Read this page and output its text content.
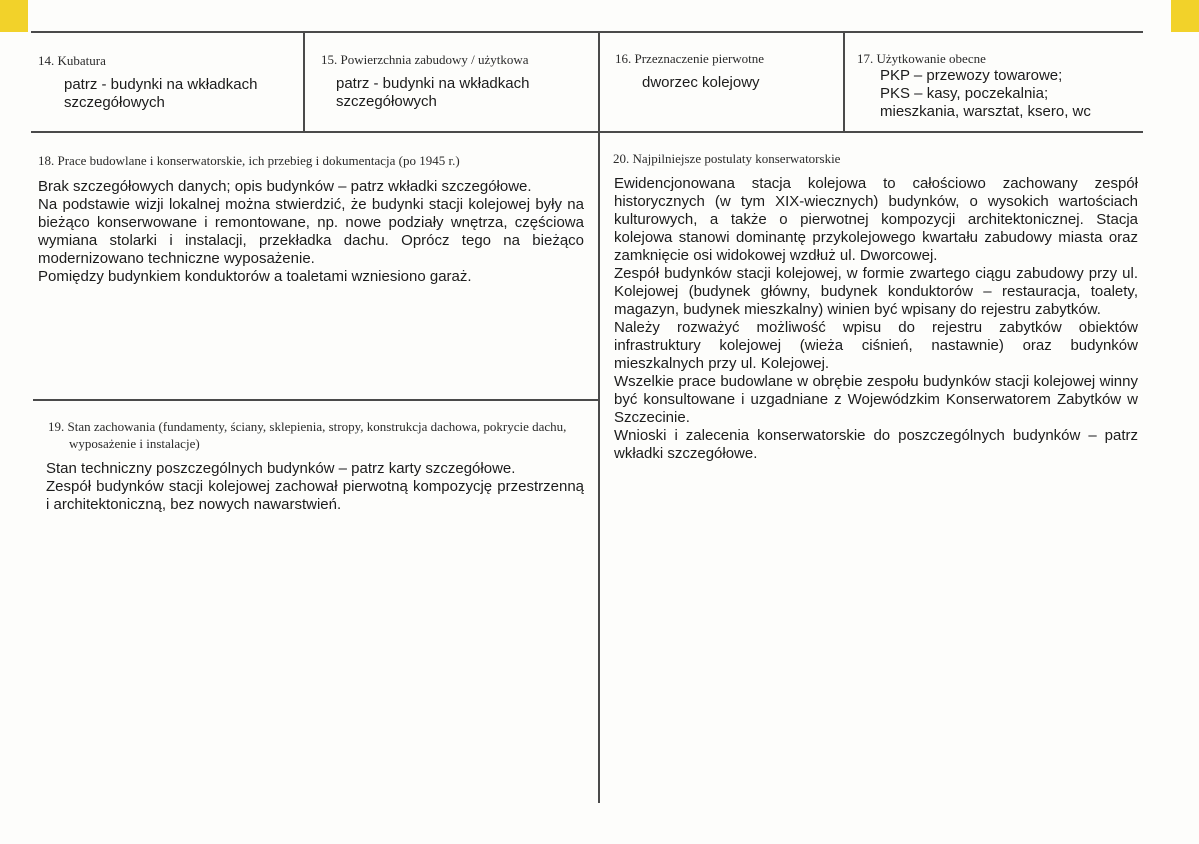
14. Kubatura
patrz - budynki na wkładkach szczegółowych
15. Powierzchnia zabudowy / użytkowa
patrz - budynki na wkładkach szczegółowych
16. Przeznaczenie pierwotne
dworzec kolejowy
17. Użytkowanie obecne
PKP – przewozy towarowe;
PKS – kasy, poczekalnia;
mieszkania, warsztat, ksero, wc
18. Prace budowlane i konserwatorskie, ich przebieg i dokumentacja (po 1945 r.)

Brak szczegółowych danych; opis budynków – patrz wkładki szczegółowe.

Na podstawie wizji lokalnej można stwierdzić, że budynki stacji kolejowej były na bieżąco konserwowane i remontowane, np. nowe podziały wnętrza, częściowa wymiana stolarki i instalacji, przekładka dachu. Oprócz tego na bieżąco modernizowano techniczne wyposażenie.

Pomiędzy budynkiem konduktorów a toaletami wzniesiono garaż.

19. Stan zachowania (fundamenty, ściany, sklepienia, stropy, konstrukcja dachowa, pokrycie dachu, wyposażenie i instalacje)

Stan techniczny poszczególnych budynków – patrz karty szczegółowe.

Zespół budynków stacji kolejowej zachował pierwotną kompozycję przestrzenną i architektoniczną, bez nowych nawarstwień.

20. Najpilniejsze postulaty konserwatorskie

Ewidencjonowana stacja kolejowa to całościowo zachowany zespół historycznych (w tym XIX-wiecznych) budynków, o wysokich wartościach kulturowych, a także o pierwotnej kompozycji architektonicznej. Stacja kolejowa stanowi dominantę przykolejowego kwartału zabudowy miasta oraz zamknięcie osi widokowej wzdłuż ul. Dworcowej.

Zespół budynków stacji kolejowej, w formie zwartego ciągu zabudowy przy ul. Kolejowej (budynek główny, budynek konduktorów – restauracja, toalety, magazyn, budynek mieszkalny) winien być wpisany do rejestru zabytków.

Należy rozważyć możliwość wpisu do rejestru zabytków obiektów infrastruktury kolejowej (wieża ciśnień, nastawnie) oraz budynków mieszkalnych przy ul. Kolejowej.

Wszelkie prace budowlane w obrębie zespołu budynków stacji kolejowej winny być konsultowane i uzgadniane z Wojewódzkim Konserwatorem Zabytków w Szczecinie.

Wnioski i zalecenia konserwatorskie do poszczególnych budynków – patrz wkładki szczegółowe.
